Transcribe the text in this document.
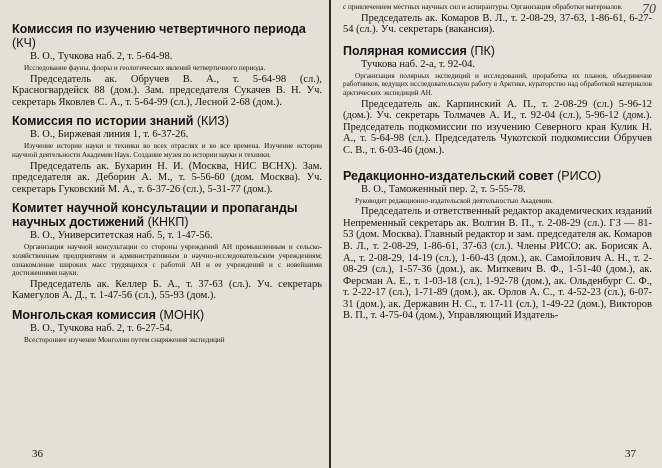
Комиссия по изучению четвертичного периода (КЧ)

В. О., Тучкова наб. 2, т. 5-64-98.

Исследование фауны, флоры и геологических явлений четвертичного периода.

Председатель ак. Обручев В. А., т. 5-64-98 (сл.), Красногвардейск 88 (дом.). Зам. председателя Сукачев В. Н. Уч. секретарь Яковлев С. А., т. 5-64-99 (сл.), Лесной 2-68 (дом.).

Комиссия по истории знаний (КИЗ)

В. О., Биржевая линия 1, т. 6-37-26.

Изучение истории науки и техники во всех отраслях и во все времена. Изучение истории научной деятельности Академии Наук. Создание музея по истории науки и техники.

Председатель ак. Бухарин Н. И. (Москва, НИС ВСНХ). Зам. председателя ак. Деборин А. М., т. 5-56-60 (дом. Москва). Уч. секретарь Гуковский М. А., т. 6-37-26 (сл.), 5-31-77 (дом.).

Комитет научной консультации и пропаганды научных достижений (КНКП)

В. О., Университетская наб. 5, т. 1-47-56.

Организация научной консультации со стороны учреждений АН промышленным и сельско-хозяйственным предприятиям и административным и научно-исследовательским учреждениям; ознакомление широких масс трудящихся с работой АН и ее учреждений и с новейшими достижениями науки.

Председатель ак. Келлер Б. А., т. 37-63 (сл.). Уч. секретарь Камегулов А. Д., т. 1-47-56 (сл.), 55-93 (дом.).

Монгольская комиссия (МОНК)

В. О., Тучкова наб. 2, т. 6-27-54.

Всестороннее изучение Монголии путем снаряжения экспедиций

36
70

с привлечением местных научных сил и аспирантуры. Организация обработки материалов.

Председатель ак. Комаров В. Л., т. 2-08-29, 37-63, 1-86-61, 6-27-54 (сл.). Уч. секретарь (вакансия).

Полярная комиссия (ПК)

Тучкова наб. 2-а, т. 92-04.

Организация полярных экспедиций и исследований, проработка их планов, объединение работников, ведущих исследовательскую работу в Арктике, кураторство над обработкой материалов арктических экспедиций АН.

Председатель ак. Карпинский А. П., т. 2-08-29 (сл.) 5-96-12 (дом.). Уч. секретарь Толмачев А. И., т. 92-04 (сл.), 5-96-12 (дом.). Председатель подкомиссии по изучению Северного края Кулик Н. А., т. 5-64-98 (сл.). Председатель Чукотской подкомиссии Обручев С. В., т. 6-03-46 (дом.).

Редакционно-издательский совет (РИСО)

В. О., Таможенный пер. 2, т. 5-55-78.

Руководит редакционно-издательской деятельностью Академии.

Председатель и ответственный редактор академических изданий Непременный секретарь ак. Волгин В. П., т. 2-08-29 (сл.). ГЗ — 81-53 (дом. Москва). Главный редактор и зам. председателя ак. Комаров В. Л., т. 2-08-29, 1-86-61, 37-63 (сл.). Члены РИСО: ак. Борисяк А. А., т. 2-08-29, 14-19 (сл.), 1-60-43 (дом.), ак. Самойлович А. Н., т. 2-08-29 (сл.), 1-57-36 (дом.), ак. Миткевич В. Ф., 1-51-40 (дом.), ак. Ферсман А. Е., т. 1-03-18 (сл.), 1-92-78 (дом.), ак. Ольденбург С. Ф., т. 2-22-17 (сл.), 1-71-89 (дом.), ак. Орлов А. С., т. 4-52-23 (сл.), 6-07-31 (дом.), ак. Державин Н. С., т. 17-11 (сл.), 1-49-22 (дом.), Викторов В. П., т. 4-75-04 (дом.), Управляющий Издатель-

37
